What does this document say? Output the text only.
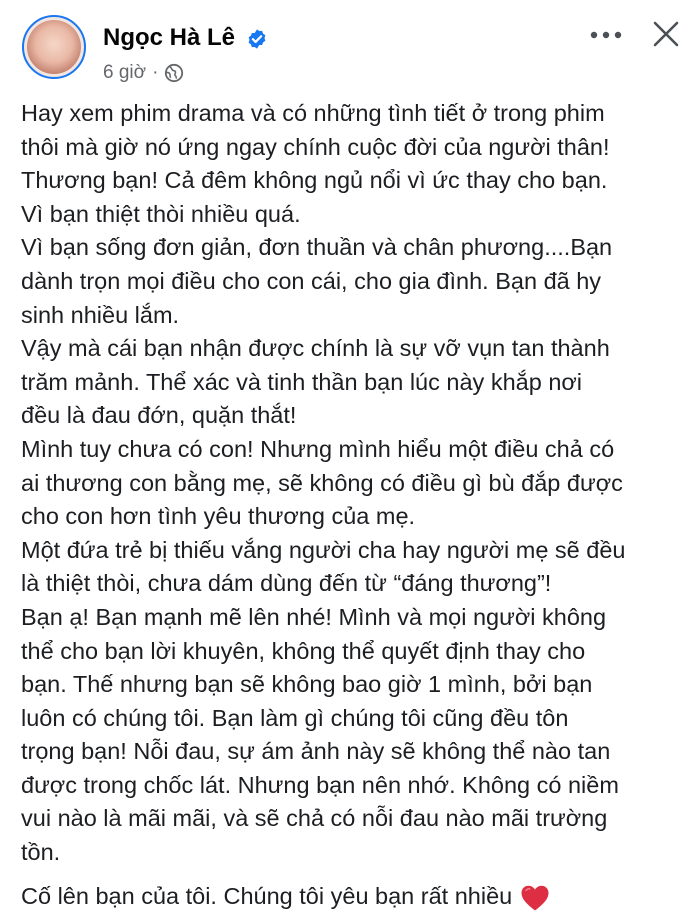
Ngọc Hà Lê
6 giờ ·
Hay xem phim drama và có những tình tiết ở trong phim
thôi mà giờ nó ứng ngay chính cuộc đời của người thân!
Thương bạn! Cả đêm không ngủ nổi vì ức thay cho bạn.
Vì bạn thiệt thòi nhiều quá.
Vì bạn sống đơn giản, đơn thuần và chân phương....Bạn
dành trọn mọi điều cho con cái, cho gia đình. Bạn đã hy
sinh nhiều lắm.
Vậy mà cái bạn nhận được chính là sự vỡ vụn tan thành
trăm mảnh. Thể xác và tinh thần bạn lúc này khắp nơi
đều là đau đớn, quặn thắt!
Mình tuy chưa có con! Nhưng mình hiểu một điều chả có
ai thương con bằng mẹ, sẽ không có điều gì bù đắp được
cho con hơn tình yêu thương của mẹ.
Một đứa trẻ bị thiếu vắng người cha hay người mẹ sẽ đều
là thiệt thòi, chưa dám dùng đến từ “đáng thương”!
Bạn ạ! Bạn mạnh mẽ lên nhé! Mình và mọi người không
thể cho bạn lời khuyên, không thể quyết định thay cho
bạn. Thế nhưng bạn sẽ không bao giờ 1 mình, bởi bạn
luôn có chúng tôi. Bạn làm gì chúng tôi cũng đều tôn
trọng bạn! Nỗi đau, sự ám ảnh này sẽ không thể nào tan
được trong chốc lát. Nhưng bạn nên nhớ. Không có niềm
vui nào là mãi mãi, và sẽ chả có nỗi đau nào mãi trường
tồn.
Cố lên bạn của tôi. Chúng tôi yêu bạn rất nhiều
